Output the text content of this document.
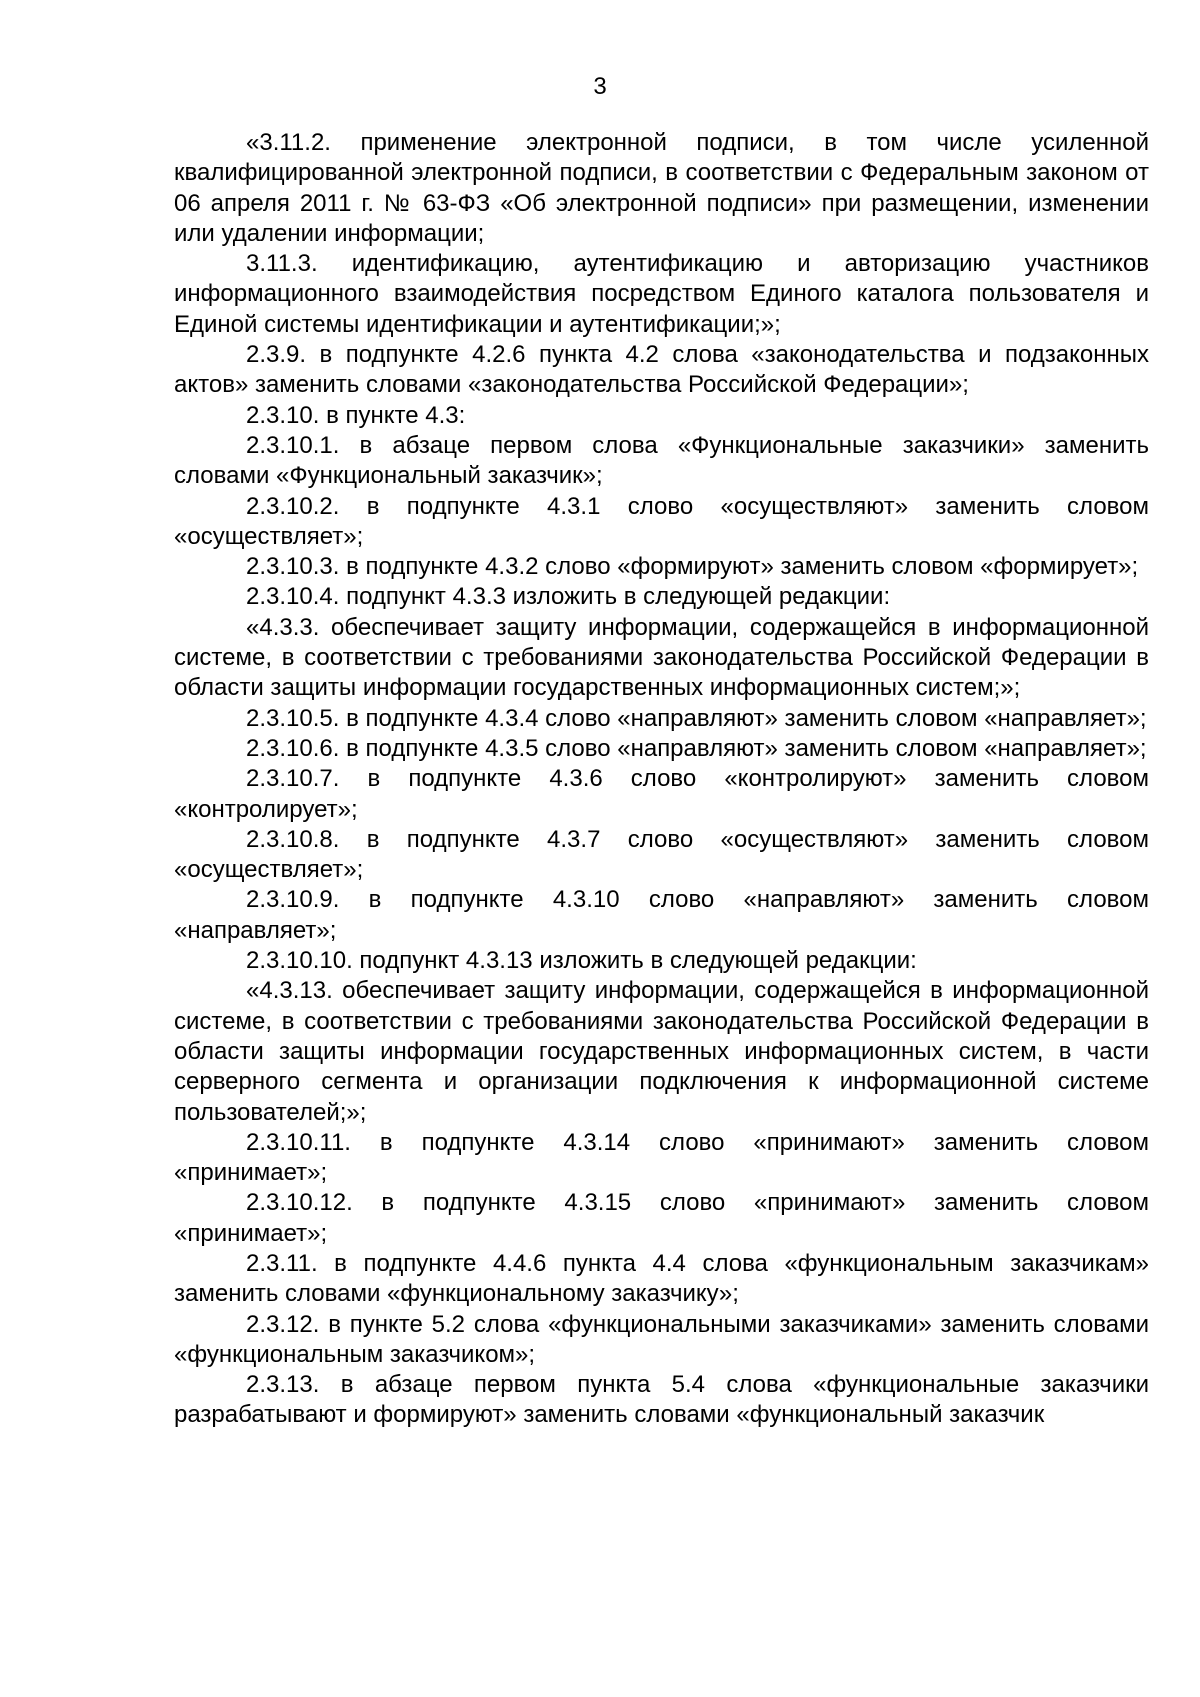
3

«3.11.2. применение электронной подписи, в том числе усиленной квалифицированной электронной подписи, в соответствии с Федеральным законом от 06 апреля 2011 г. № 63-ФЗ «Об электронной подписи» при размещении, изменении или удалении информации;

3.11.3. идентификацию, аутентификацию и авторизацию участников информационного взаимодействия посредством Единого каталога пользователя и Единой системы идентификации и аутентификации;»;

2.3.9. в подпункте 4.2.6 пункта 4.2 слова «законодательства и подзаконных актов» заменить словами «законодательства Российской Федерации»;

2.3.10. в пункте 4.3:

2.3.10.1. в абзаце первом слова «Функциональные заказчики» заменить словами «Функциональный заказчик»;

2.3.10.2. в подпункте 4.3.1 слово «осуществляют» заменить словом «осуществляет»;

2.3.10.3. в подпункте 4.3.2 слово «формируют» заменить словом «формирует»;

2.3.10.4. подпункт 4.3.3 изложить в следующей редакции:

«4.3.3. обеспечивает защиту информации, содержащейся в информационной системе, в соответствии с требованиями законодательства Российской Федерации в области защиты информации государственных информационных систем;»;

2.3.10.5. в подпункте 4.3.4 слово «направляют» заменить словом «направляет»;

2.3.10.6. в подпункте 4.3.5 слово «направляют» заменить словом «направляет»;

2.3.10.7. в подпункте 4.3.6 слово «контролируют» заменить словом «контролирует»;

2.3.10.8. в подпункте 4.3.7 слово «осуществляют» заменить словом «осуществляет»;

2.3.10.9. в подпункте 4.3.10 слово «направляют» заменить словом «направляет»;

2.3.10.10. подпункт 4.3.13 изложить в следующей редакции:

«4.3.13. обеспечивает защиту информации, содержащейся в информационной системе, в соответствии с требованиями законодательства Российской Федерации в области защиты информации государственных информационных систем, в части серверного сегмента и организации подключения к информационной системе пользователей;»;

2.3.10.11. в подпункте 4.3.14 слово «принимают» заменить словом «принимает»;

2.3.10.12. в подпункте 4.3.15 слово «принимают» заменить словом «принимает»;

2.3.11. в подпункте 4.4.6 пункта 4.4 слова «функциональным заказчикам» заменить словами «функциональному заказчику»;

2.3.12. в пункте 5.2 слова «функциональными заказчиками» заменить словами «функциональным заказчиком»;

2.3.13. в абзаце первом пункта 5.4 слова «функциональные заказчики разрабатывают и формируют» заменить словами «функциональный заказчик
